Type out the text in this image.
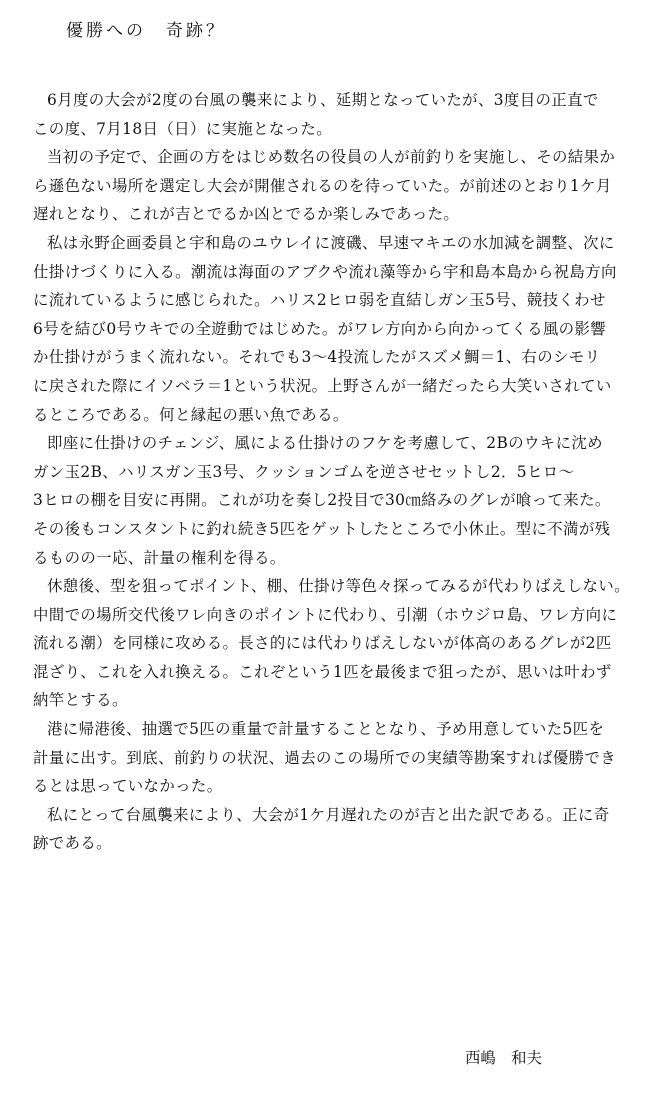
優勝への　奇跡？
6月度の大会が2度の台風の襲来により、延期となっていたが、3度目の正直で
この度、7月18日（日）に実施となった。
当初の予定で、企画の方をはじめ数名の役員の人が前釣りを実施し、その結果か
ら遜色ない場所を選定し大会が開催されるのを待っていた。が前述のとおり1ケ月
遅れとなり、これが吉とでるか凶とでるか楽しみであった。
私は永野企画委員と宇和島のユウレイに渡磯、早速マキエの水加減を調整、次に
仕掛けづくりに入る。潮流は海面のアブクや流れ藻等から宇和島本島から祝島方向
に流れているように感じられた。ハリス2ヒロ弱を直結しガン玉5号、競技くわせ
6号を結び0号ウキでの全遊動ではじめた。がワレ方向から向かってくる風の影響
か仕掛けがうまく流れない。それでも3〜4投流したがスズメ鯛＝1、右のシモリ
に戻された際にイソベラ＝1という状況。上野さんが一緒だったら大笑いされてい
るところである。何と縁起の悪い魚である。
即座に仕掛けのチェンジ、風による仕掛けのフケを考慮して、2Bのウキに沈め
ガン玉2B、ハリスガン玉3号、クッションゴムを逆させセットし2．5ヒロ〜
3ヒロの棚を目安に再開。これが功を奏し2投目で30㎝絡みのグレが喰って来た。
その後もコンスタントに釣れ続き5匹をゲットしたところで小休止。型に不満が残
るものの一応、計量の権利を得る。
休憩後、型を狙ってポイント、棚、仕掛け等色々探ってみるが代わりばえしない。
中間での場所交代後ワレ向きのポイントに代わり、引潮（ホウジロ島、ワレ方向に
流れる潮）を同様に攻める。長さ的には代わりばえしないが体高のあるグレが2匹
混ざり、これを入れ換える。これぞという1匹を最後まで狙ったが、思いは叶わず
納竿とする。
港に帰港後、抽選で5匹の重量で計量することとなり、予め用意していた5匹を
計量に出す。到底、前釣りの状況、過去のこの場所での実績等勘案すれば優勝でき
るとは思っていなかった。
私にとって台風襲来により、大会が1ケ月遅れたのが吉と出た訳である。正に奇
跡である。
西嶋　和夫
